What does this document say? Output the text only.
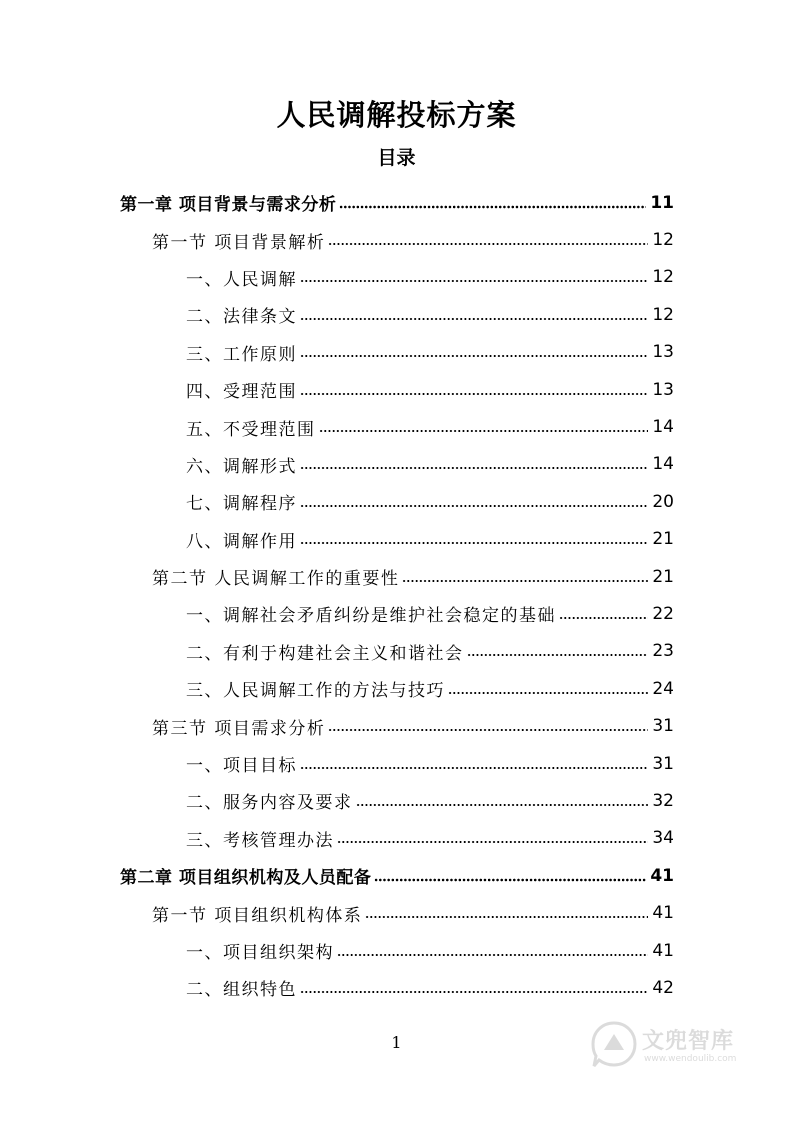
人民调解投标方案
目录
第一章 项目背景与需求分析	11
第一节 项目背景解析	12
一、人民调解	12
二、法律条文	12
三、工作原则	13
四、受理范围	13
五、不受理范围	14
六、调解形式	14
七、调解程序	20
八、调解作用	21
第二节 人民调解工作的重要性	21
一、调解社会矛盾纠纷是维护社会稳定的基础	22
二、有利于构建社会主义和谐社会	23
三、人民调解工作的方法与技巧	24
第三节 项目需求分析	31
一、项目目标	31
二、服务内容及要求	32
三、考核管理办法	34
第二章 项目组织机构及人员配备	41
第一节 项目组织机构体系	41
一、项目组织架构	41
二、组织特色	42
1	文兜智库
www.wendoulib.com
